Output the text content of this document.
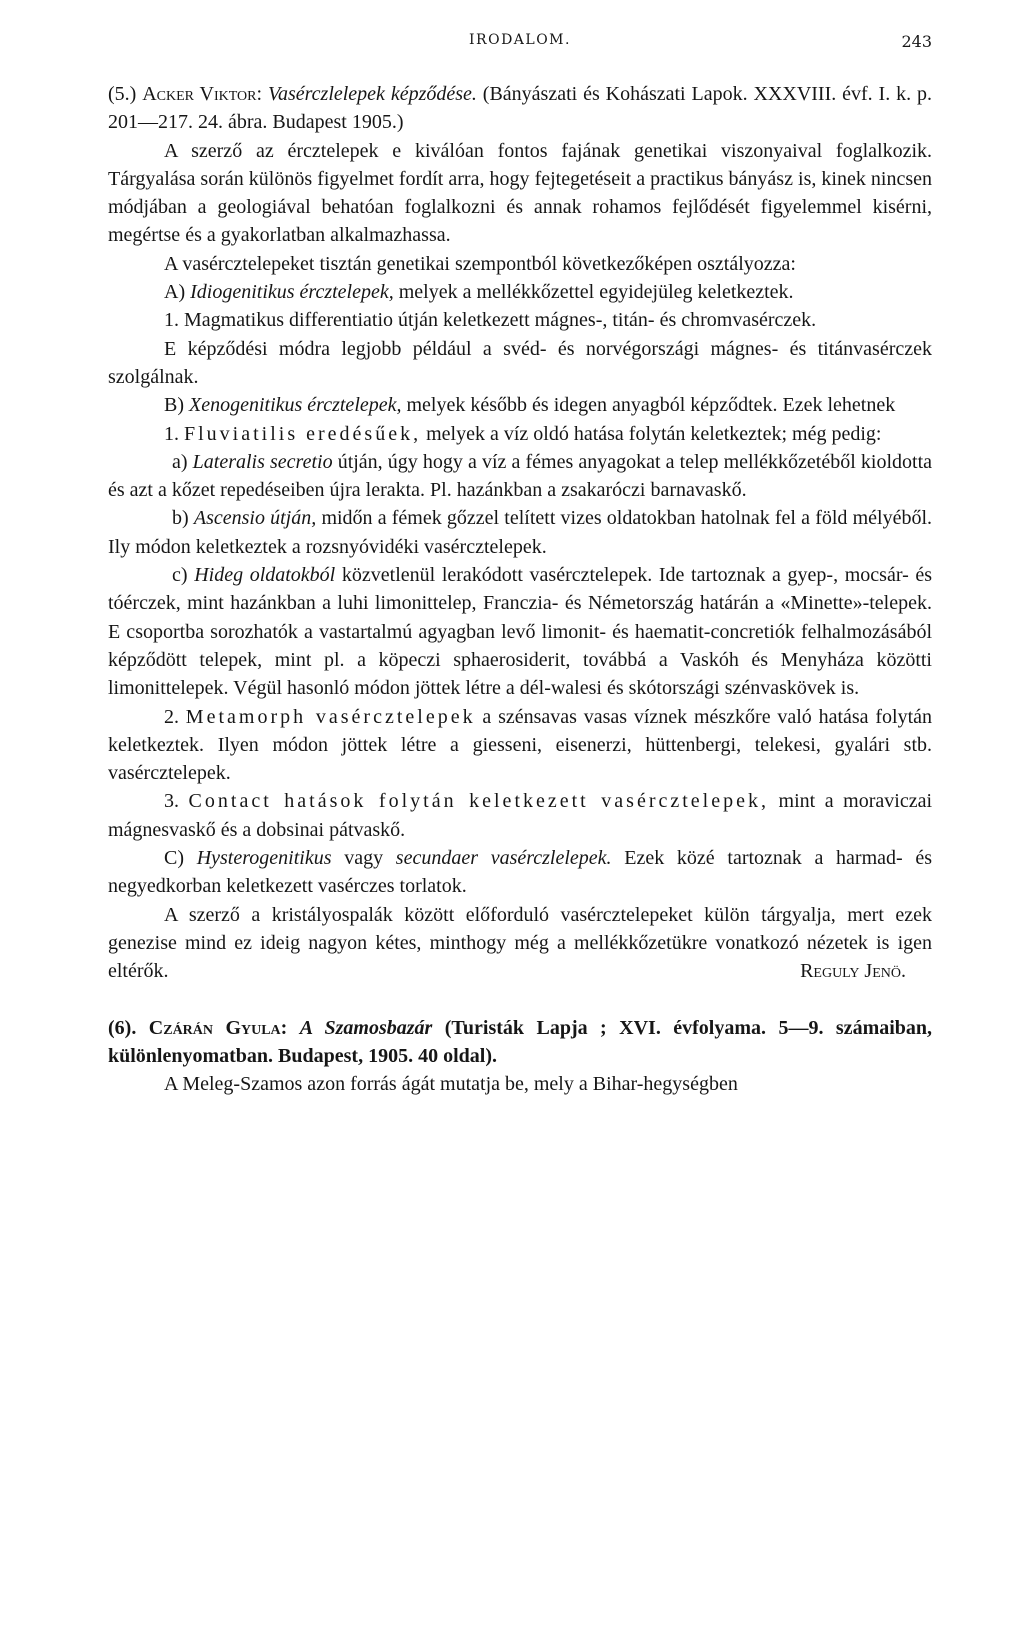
IRODALOM.	243

(5.) Acker Viktor: Vasérczlelepek képződése. (Bányászati és Kohászati Lapok. XXXVIII. évf. I. k. p. 201—217. 24. ábra. Budapest 1905.)

A szerző az ércztelepek e kiválóan fontos fajának genetikai viszonyaival foglalkozik. Tárgyalása során különös figyelmet fordít arra, hogy fejtegetéseit a practikus bányász is, kinek nincsen módjában a geologiával behatóan foglalkozni és annak rohamos fejlődését figyelemmel kisérni, megértse és a gyakorlatban alkalmazhassa.

A vasércztelepeket tisztán genetikai szempontból következőképen osztályozza:

A) Idiogenitikus ércztelepek, melyek a mellékkőzettel egyidejüleg keletkeztek.

1. Magmatikus differentiatio útján keletkezett mágnes-, titán- és chromvasérczek.

E képződési módra legjobb például a svéd- és norvégországi mágnes- és titánvasérczek szolgálnak.

B) Xenogenitikus ércztelepek, melyek később és idegen anyagból képződtek. Ezek lehetnek

1. Fluviatilis eredésűek, melyek a víz oldó hatása folytán keletkeztek; még pedig:

a) Lateralis secretio útján, úgy hogy a víz a fémes anyagokat a telep mellékkőzetéből kioldotta és azt a kőzet repedéseiben újra lerakta. Pl. hazánkban a zsakaróczi barnavaskő.

b) Ascensio útján, midőn a fémek gőzzel telített vizes oldatokban hatolnak fel a föld mélyéből. Ily módon keletkeztek a rozsnyóvidéki vasércztelepek.

c) Hideg oldatokból közvetlenül lerakódott vasércztelepek. Ide tartoznak a gyep-, mocsár- és tóérczek, mint hazánkban a luhi limonittelep, Franczia- és Németország határán a «Minette»-telepek. E csoportba sorozhatók a vastartalmú agyagban levő limonit- és haematit-concretiók felhalmozásából képződött telepek, mint pl. a köpeczi sphaerosiderit, továbbá a Vaskóh és Menyháza közötti limonittelepek. Végül hasonló módon jöttek létre a dél-walesi és skótországi szénvaskövek is.

2. Metamorph vasércztelepek a szénsavas vasas víznek mészkőre való hatása folytán keletkeztek. Ilyen módon jöttek létre a giesseni, eisenerzi, hüttenbergi, telekesi, gyalári stb. vasércztelepek.

3. Contact hatások folytán keletkezett vasércztelepek, mint a moraviczai mágnesvaskő és a dobsinai pátvaskő.

C) Hysterogenitikus vagy secundaer vasérczlelepek. Ezek közé tartoznak a harmad- és negyedkorban keletkezett vasérczes torlatok.

A szerző a kristályospalák között előforduló vasércztelepeket külön tárgyalja, mert ezek genezise mind ez ideig nagyon kétes, minthogy még a mellékkőzetükre vonatkozó nézetek is igen eltérők.	Reguly Jenö.

(6). Czárán Gyula: A Szamosbazár (Turisták Lapja ; XVI. évfolyama. 5—9. számaiban, különlenyomatban. Budapest, 1905. 40 oldal).

A Meleg-Szamos azon forrás ágát mutatja be, mely a Bihar-hegységben
